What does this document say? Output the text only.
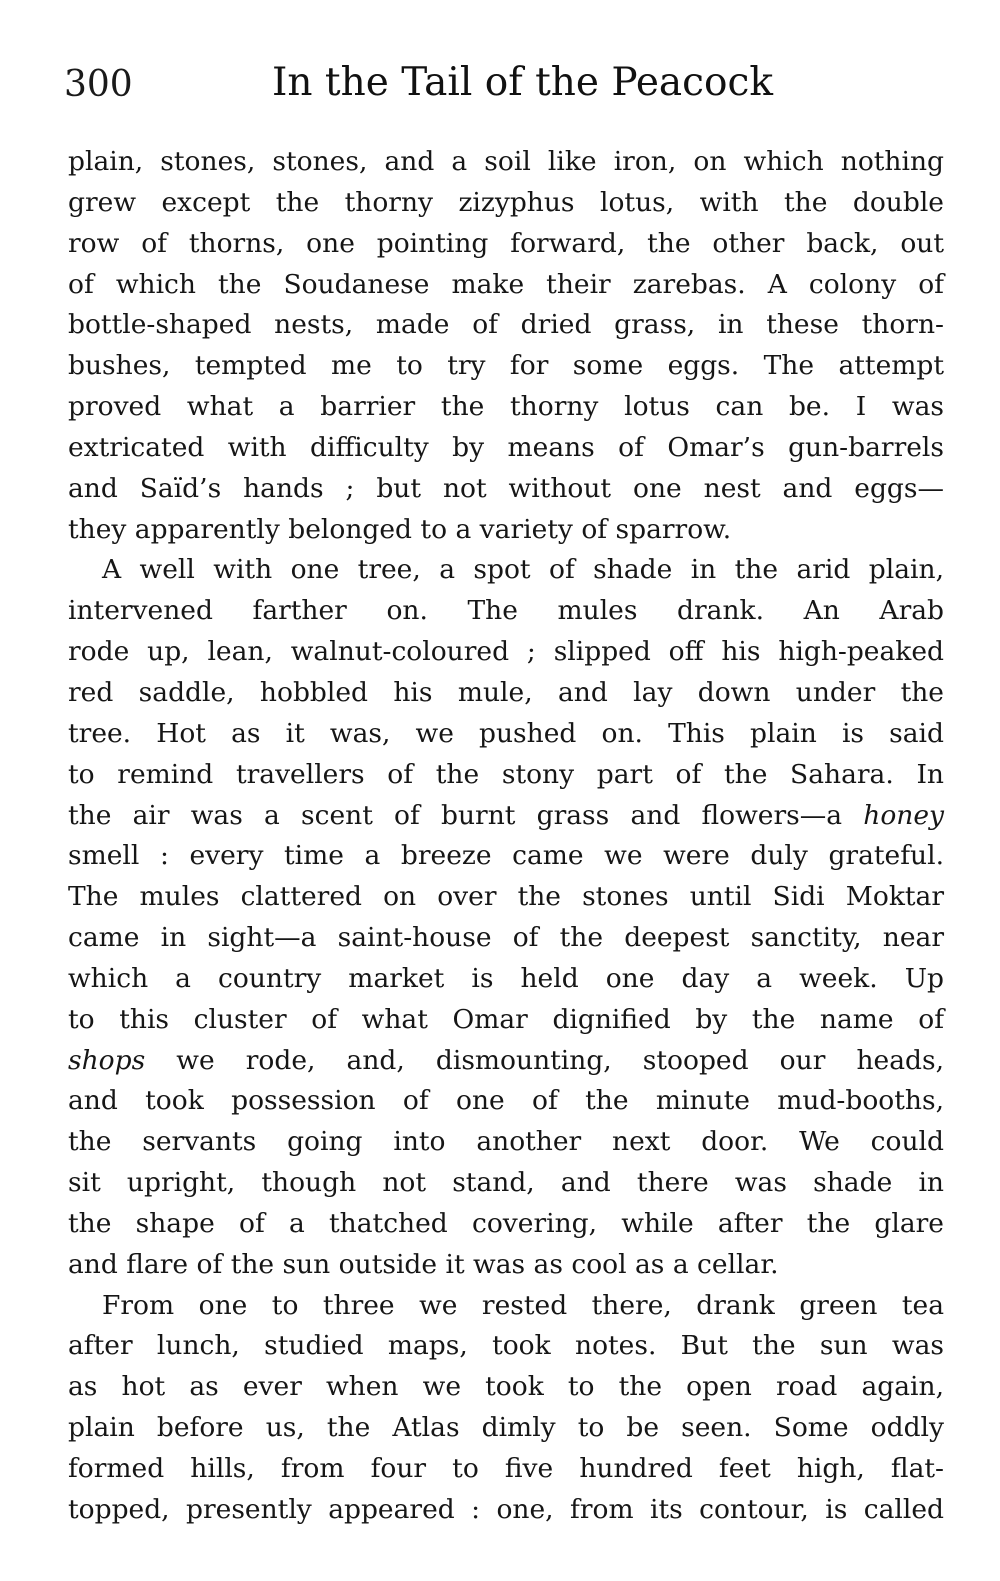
300	In the Tail of the Peacock
plain, stones, stones, and a soil like iron, on which nothing
grew except the thorny zizyphus lotus, with the double
row of thorns, one pointing forward, the other back, out
of which the Soudanese make their zarebas. A colony of
bottle-shaped nests, made of dried grass, in these thorn-
bushes, tempted me to try for some eggs. The attempt
proved what a barrier the thorny lotus can be. I was
extricated with difficulty by means of Omar’s gun-barrels
and Saïd’s hands ; but not without one nest and eggs—
they apparently belonged to a variety of sparrow.
A well with one tree, a spot of shade in the arid plain,
intervened farther on. The mules drank. An Arab
rode up, lean, walnut-coloured ; slipped off his high-peaked
red saddle, hobbled his mule, and lay down under the
tree. Hot as it was, we pushed on. This plain is said
to remind travellers of the stony part of the Sahara. In
the air was a scent of burnt grass and flowers—a honey
smell : every time a breeze came we were duly grateful.
The mules clattered on over the stones until Sidi Moktar
came in sight—a saint-house of the deepest sanctity, near
which a country market is held one day a week. Up
to this cluster of what Omar dignified by the name of
shops we rode, and, dismounting, stooped our heads,
and took possession of one of the minute mud-booths,
the servants going into another next door. We could
sit upright, though not stand, and there was shade in
the shape of a thatched covering, while after the glare
and flare of the sun outside it was as cool as a cellar.
From one to three we rested there, drank green tea
after lunch, studied maps, took notes. But the sun was
as hot as ever when we took to the open road again,
plain before us, the Atlas dimly to be seen. Some oddly
formed hills, from four to five hundred feet high, flat-
topped, presently appeared : one, from its contour, is called
